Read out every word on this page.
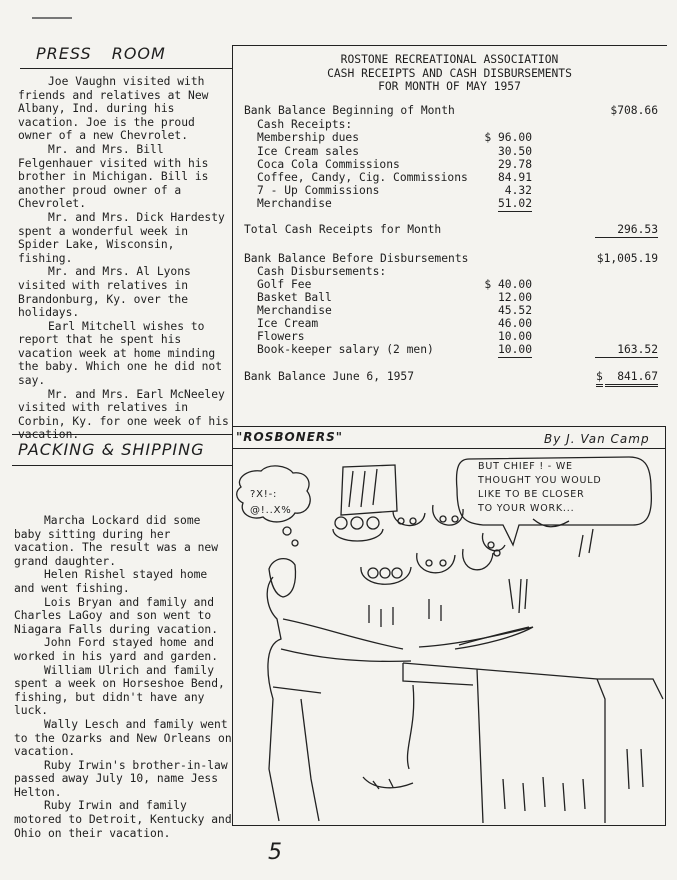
PRESS ROOM

Joe Vaughn visited with friends and relatives at New Albany, Ind. during his vacation. Joe is the proud owner of a new Chevrolet.

Mr. and Mrs. Bill Felgenhauer visited with his brother in Michigan. Bill is another proud owner of a Chevrolet.

Mr. and Mrs. Dick Hardesty spent a wonderful week in Spider Lake, Wisconsin, fishing.

Mr. and Mrs. Al Lyons visited with relatives in Brandonburg, Ky. over the holidays.

Earl Mitchell wishes to report that he spent his vacation week at home minding the baby. Which one he did not say.

Mr. and Mrs. Earl McNeeley visited with relatives in Corbin, Ky. for one week of his vacation.

PACKING & SHIPPING

Marcha Lockard did some baby sitting during her vacation. The result was a new grand daughter.

Helen Rishel stayed home and went fishing.

Lois Bryan and family and Charles LaGoy and son went to Niagara Falls during vacation.

John Ford stayed home and worked in his yard and garden.

William Ulrich and family spent a week on Horseshoe Bend, fishing, but didn't have any luck.

Wally Lesch and family went to the Ozarks and New Orleans on vacation.

Ruby Irwin's brother-in-law passed away July 10, name Jess Helton.

Ruby Irwin and family motored to Detroit, Kentucky and Ohio on their vacation.

ROSTONE RECREATIONAL ASSOCIATION
CASH RECEIPTS AND CASH DISBURSEMENTS
FOR MONTH OF MAY 1957
Bank Balance Beginning of Month	$708.66
Cash Receipts:
Membership dues	$ 96.00
Ice Cream sales	30.50
Coca Cola Commissions	29.78
Coffee, Candy, Cig. Commissions	84.91
7 - Up Commissions	4.32
Merchandise	51.02
Total Cash Receipts for Month	296.53
Bank Balance Before Disbursements	$1,005.19
Cash Disbursements:
Golf Fee	$ 40.00
Basket Ball	12.00
Merchandise	45.52
Ice Cream	46.00
Flowers	10.00
Book-keeper salary (2 men)	10.00	163.52
Bank Balance June 6, 1957	$	841.67
"ROSBONERS"	By J. Van Camp
BUT CHIEF ! - WE
THOUGHT YOU WOULD
LIKE TO BE CLOSER
TO YOUR WORK...
?X!-:
@!..X%
5
